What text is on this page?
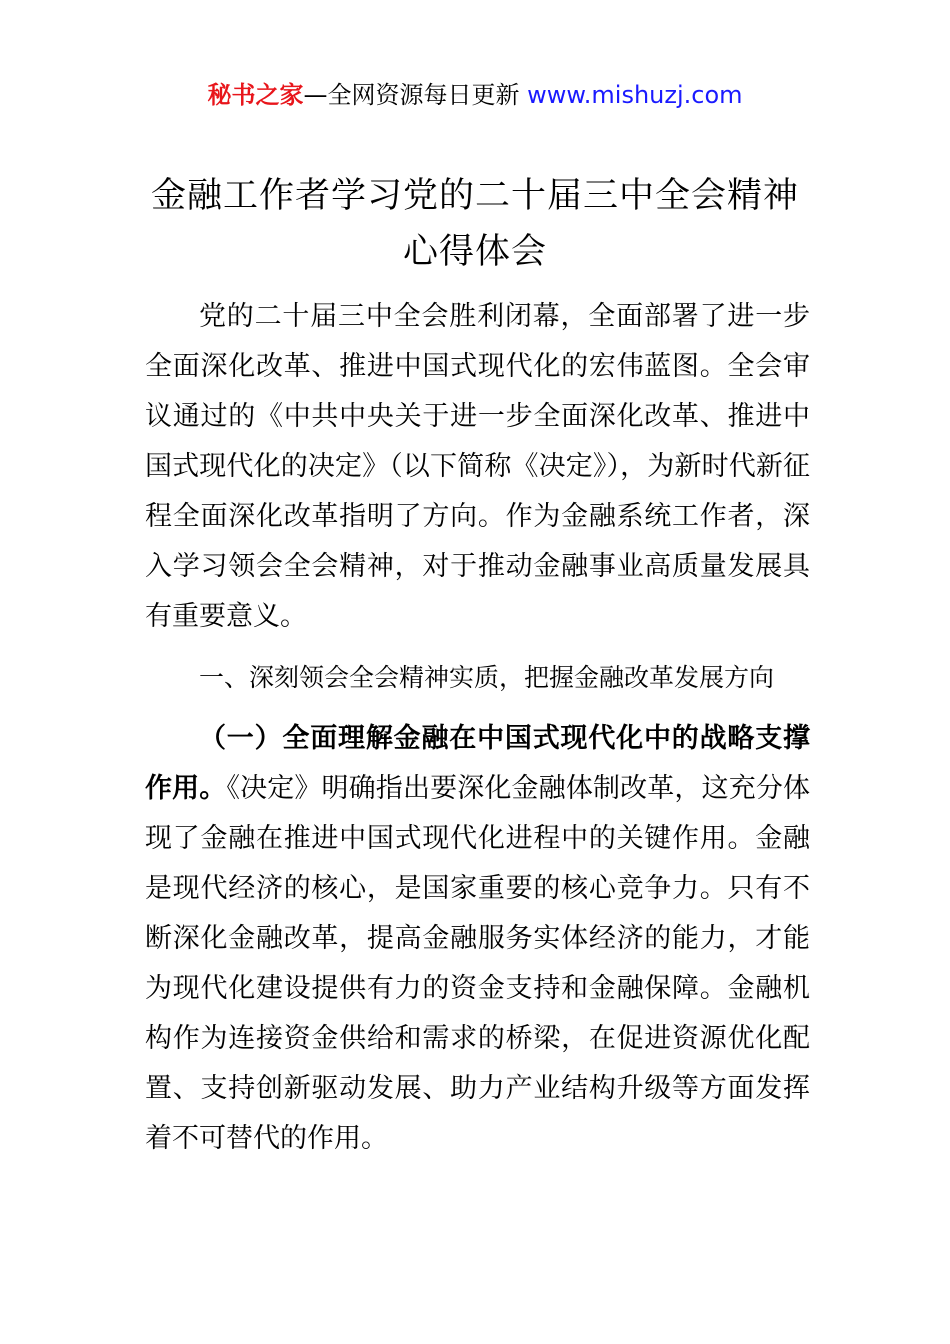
秘书之家—全网资源每日更新 www.mishuzj.com
金融工作者学习党的二十届三中全会精神
心得体会

党的二十届三中全会胜利闭幕，全面部署了进一步全面深化改革、推进中国式现代化的宏伟蓝图。全会审议通过的《中共中央关于进一步全面深化改革、推进中国式现代化的决定》（以下简称《决定》），为新时代新征程全面深化改革指明了方向。作为金融系统工作者，深入学习领会全会精神，对于推动金融事业高质量发展具有重要意义。

一、深刻领会全会精神实质，把握金融改革发展方向

（一）全面理解金融在中国式现代化中的战略支撑作用。《决定》明确指出要深化金融体制改革，这充分体现了金融在推进中国式现代化进程中的关键作用。金融是现代经济的核心，是国家重要的核心竞争力。只有不断深化金融改革，提高金融服务实体经济的能力，才能为现代化建设提供有力的资金支持和金融保障。金融机构作为连接资金供给和需求的桥梁，在促进资源优化配置、支持创新驱动发展、助力产业结构升级等方面发挥着不可替代的作用。
